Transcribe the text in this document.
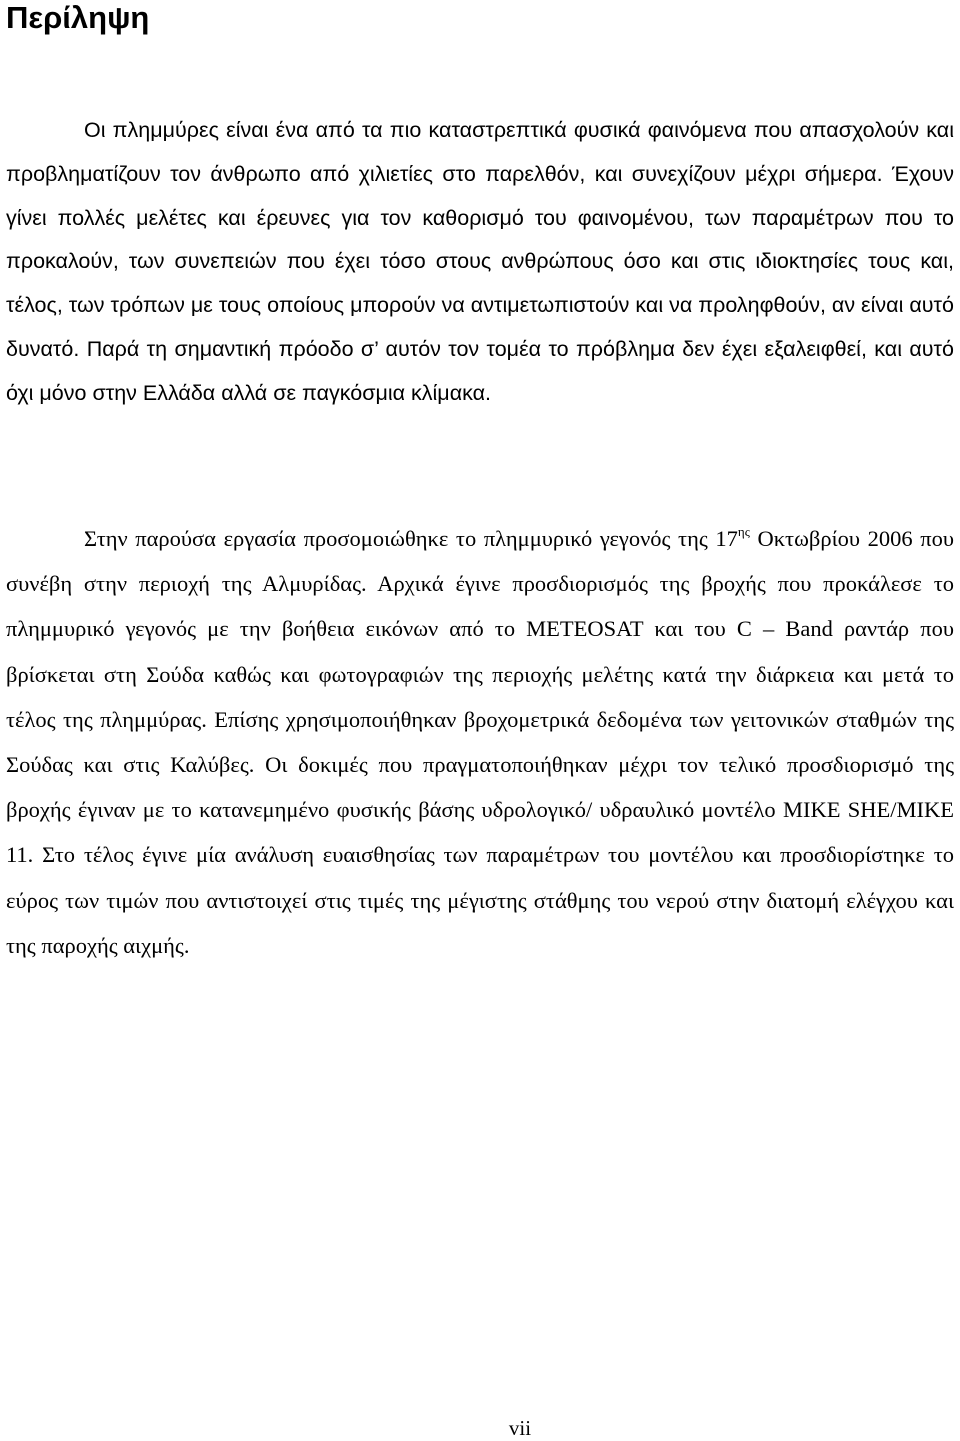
Περίληψη

Οι πλημμύρες είναι ένα από τα πιο καταστρεπτικά φυσικά φαινόμενα που απασχολούν και προβληματίζουν τον άνθρωπο από χιλιετίες στο παρελθόν, και συνεχίζουν μέχρι σήμερα. Έχουν γίνει πολλές μελέτες και έρευνες για τον καθορισμό του φαινομένου, των παραμέτρων που το προκαλούν, των συνεπειών που έχει τόσο στους ανθρώπους όσο και στις ιδιοκτησίες τους και, τέλος, των τρόπων με τους οποίους μπορούν να αντιμετωπιστούν και να προληφθούν, αν είναι αυτό δυνατό. Παρά τη σημαντική πρόοδο σ’ αυτόν τον τομέα το πρόβλημα δεν έχει εξαλειφθεί, και αυτό όχι μόνο στην Ελλάδα αλλά σε παγκόσμια κλίμακα.

Στην παρούσα εργασία προσομοιώθηκε το πλημμυρικό γεγονός της $17^{\eta\varsigma}$ Οκτωβρίου 2006 που συνέβη στην περιοχή της Αλμυρίδας. Αρχικά έγινε προσδιορισμός της βροχής που προκάλεσε το πλημμυρικό γεγονός με την βοήθεια εικόνων από το METEOSAT και του C – Band ραντάρ που βρίσκεται στη Σούδα καθώς και φωτογραφιών της περιοχής μελέτης κατά την διάρκεια και μετά το τέλος της πλημμύρας. Επίσης χρησιμοποιήθηκαν βροχομετρικά δεδομένα των γειτονικών σταθμών της Σούδας και στις Καλύβες. Οι δοκιμές που πραγματοποιήθηκαν μέχρι τον τελικό προσδιορισμό της βροχής έγιναν με το κατανεμημένο φυσικής βάσης υδρολογικό/ υδραυλικό μοντέλο MIKE SHE/MIKE 11. Στο τέλος έγινε μία ανάλυση ευαισθησίας των παραμέτρων του μοντέλου και προσδιορίστηκε το εύρος των τιμών που αντιστοιχεί στις τιμές της μέγιστης στάθμης του νερού στην διατομή ελέγχου και της παροχής αιχμής.

vii
